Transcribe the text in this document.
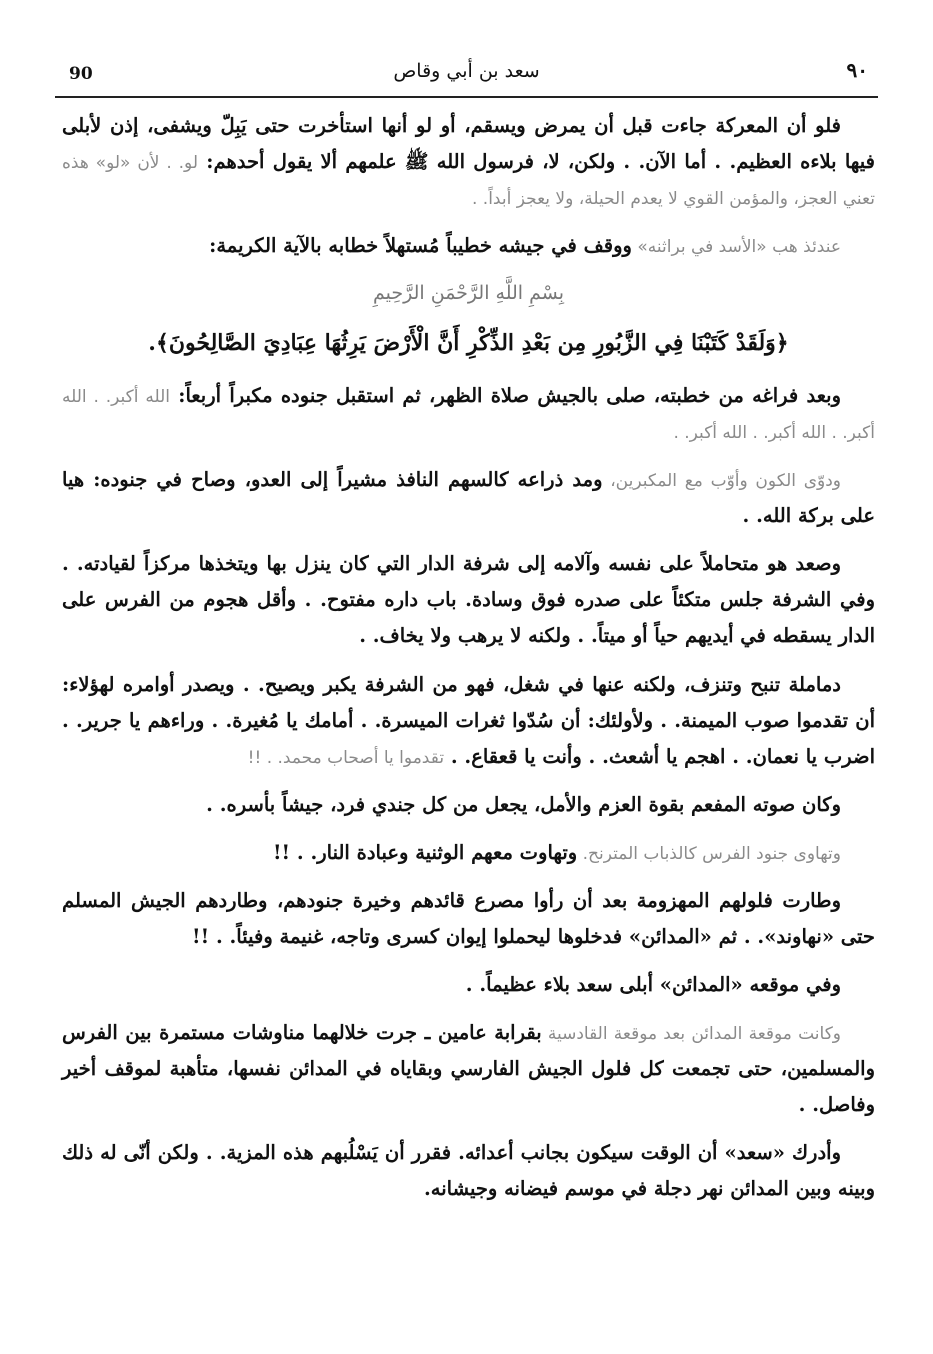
90	سعد بن أبي وقاص	٩٠

فلو أن المعركة جاءت قبل أن يمرض ويسقم، أو لو أنها استأخرت حتى يَبِلّ ويشفى، إذن لأبلى فيها بلاءه العظيم. . أما الآن. . ولكن، لا، فرسول الله ﷺ علمهم ألا يقول أحدهم: لو. . لأن «لو» هذه تعني العجز، والمؤمن القوي لا يعدم الحيلة، ولا يعجز أبداً. .

عندئذ هب «الأسد في براثنه» ووقف في جيشه خطيباً مُستهلاً خطابه بالآية الكريمة:

بِسْمِ اللَّهِ الرَّحْمَنِ الرَّحِيمِ

﴿وَلَقَدْ كَتَبْنَا فِي الزَّبُورِ مِن بَعْدِ الذِّكْرِ أَنَّ الْأَرْضَ يَرِثُهَا عِبَادِيَ الصَّالِحُونَ﴾.

وبعد فراغه من خطبته، صلى بالجيش صلاة الظهر، ثم استقبل جنوده مكبراً أربعاً: الله أكبر. . الله أكبر. . الله أكبر. . الله أكبر. .

ودوّى الكون وأوّب مع المكبرين، ومد ذراعه كالسهم النافذ مشيراً إلى العدو، وصاح في جنوده: هيا على بركة الله. .

وصعد هو متحاملاً على نفسه وآلامه إلى شرفة الدار التي كان ينزل بها ويتخذها مركزاً لقيادته. . وفي الشرفة جلس متكئاً على صدره فوق وسادة. باب داره مفتوح. . وأقل هجوم من الفرس على الدار يسقطه في أيديهم حياً أو ميتاً. . ولكنه لا يرهب ولا يخاف. .

دماملة تنبح وتنزف، ولكنه عنها في شغل، فهو من الشرفة يكبر ويصيح. . ويصدر أوامره لهؤلاء: أن تقدموا صوب الميمنة. . ولأولئك: أن سُدّوا ثغرات الميسرة. . أمامك يا مُغيرة. . وراءهم يا جرير. . اضرب يا نعمان. . اهجم يا أشعث. . وأنت يا قعقاع. . تقدموا يا أصحاب محمد. . !!

وكان صوته المفعم بقوة العزم والأمل، يجعل من كل جندي فرد، جيشاً بأسره. .

وتهاوى جنود الفرس كالذباب المترنح. وتهاوت معهم الوثنية وعبادة النار. . !!

وطارت فلولهم المهزومة بعد أن رأوا مصرع قائدهم وخيرة جنودهم، وطاردهم الجيش المسلم حتى «نهاوند». . ثم «المدائن» فدخلوها ليحملوا إيوان كسرى وتاجه، غنيمة وفيئاً. . !!

وفي موقعه «المدائن» أبلى سعد بلاء عظيماً. .

وكانت موقعة المدائن بعد موقعة القادسية بقرابة عامين ـ جرت خلالهما مناوشات مستمرة بين الفرس والمسلمين، حتى تجمعت كل فلول الجيش الفارسي وبقاياه في المدائن نفسها، متأهبة لموقف أخير وفاصل. .

وأدرك «سعد» أن الوقت سيكون بجانب أعدائه. فقرر أن يَسْلُبهم هذه المزية. . ولكن أنّى له ذلك وبينه وبين المدائن نهر دجلة في موسم فيضانه وجيشانه.
